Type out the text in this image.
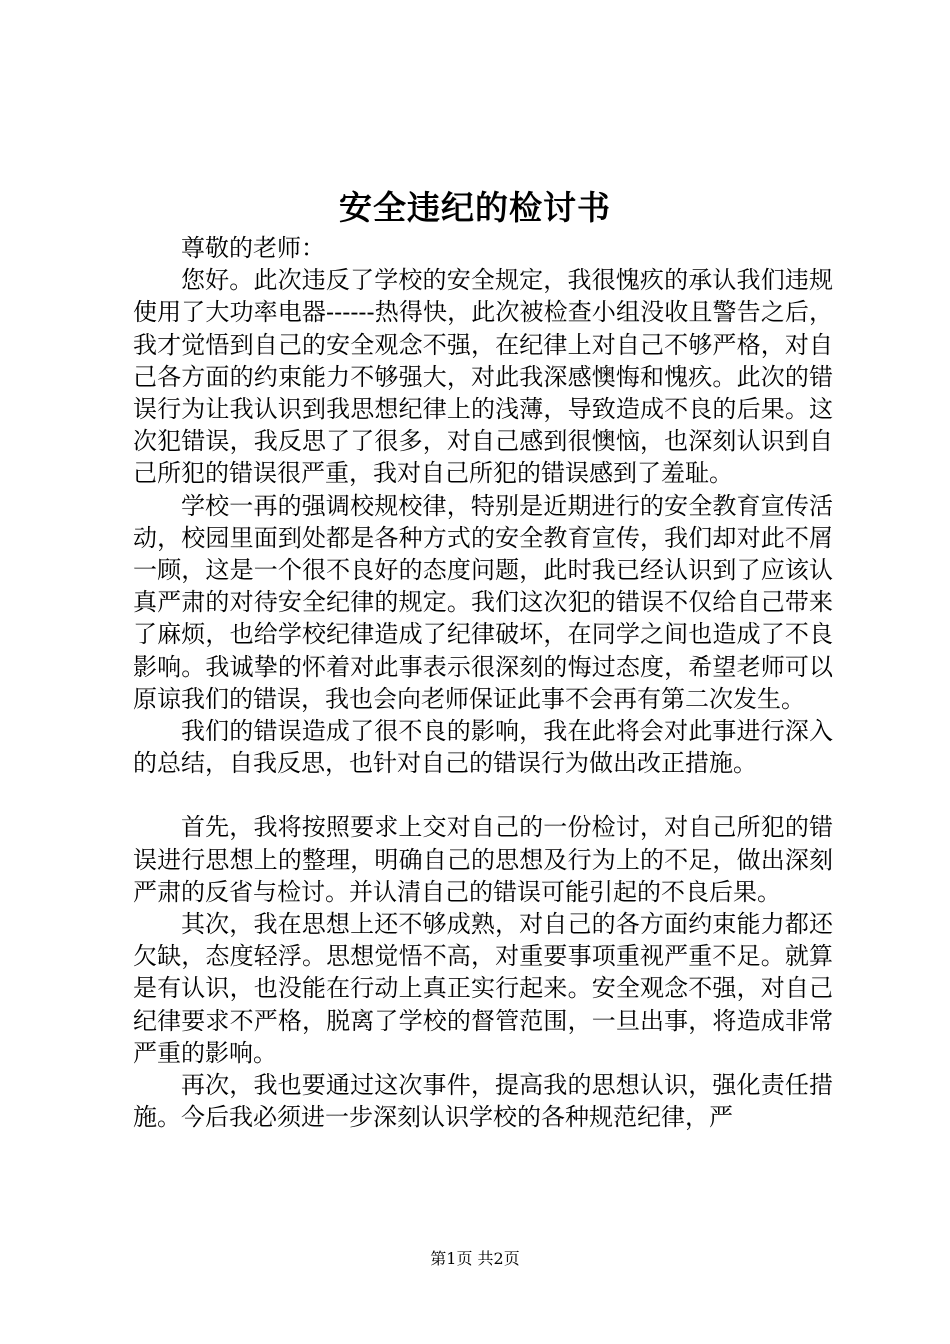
安全违纪的检讨书

尊敬的老师：

您好。此次违反了学校的安全规定，我很愧疚的承认我们违规使用了大功率电器------热得快，此次被检查小组没收且警告之后，我才觉悟到自己的安全观念不强，在纪律上对自己不够严格，对自己各方面的约束能力不够强大，对此我深感懊悔和愧疚。此次的错误行为让我认识到我思想纪律上的浅薄，导致造成不良的后果。这次犯错误，我反思了了很多，对自己感到很懊恼，也深刻认识到自己所犯的错误很严重，我对自己所犯的错误感到了羞耻。

学校一再的强调校规校律，特别是近期进行的安全教育宣传活动，校园里面到处都是各种方式的安全教育宣传，我们却对此不屑一顾，这是一个很不良好的态度问题，此时我已经认识到了应该认真严肃的对待安全纪律的规定。我们这次犯的错误不仅给自己带来了麻烦，也给学校纪律造成了纪律破坏，在同学之间也造成了不良影响。我诚挚的怀着对此事表示很深刻的悔过态度，希望老师可以原谅我们的错误，我也会向老师保证此事不会再有第二次发生。

我们的错误造成了很不良的影响，我在此将会对此事进行深入的总结，自我反思，也针对自己的错误行为做出改正措施。

首先，我将按照要求上交对自己的一份检讨，对自己所犯的错误进行思想上的整理，明确自己的思想及行为上的不足，做出深刻严肃的反省与检讨。并认清自己的错误可能引起的不良后果。

其次，我在思想上还不够成熟，对自己的各方面约束能力都还欠缺，态度轻浮。思想觉悟不高，对重要事项重视严重不足。就算是有认识，也没能在行动上真正实行起来。安全观念不强，对自己纪律要求不严格，脱离了学校的督管范围，一旦出事，将造成非常严重的影响。

再次，我也要通过这次事件，提高我的思想认识，强化责任措施。今后我必须进一步深刻认识学校的各种规范纪律，严

第1页 共2页
